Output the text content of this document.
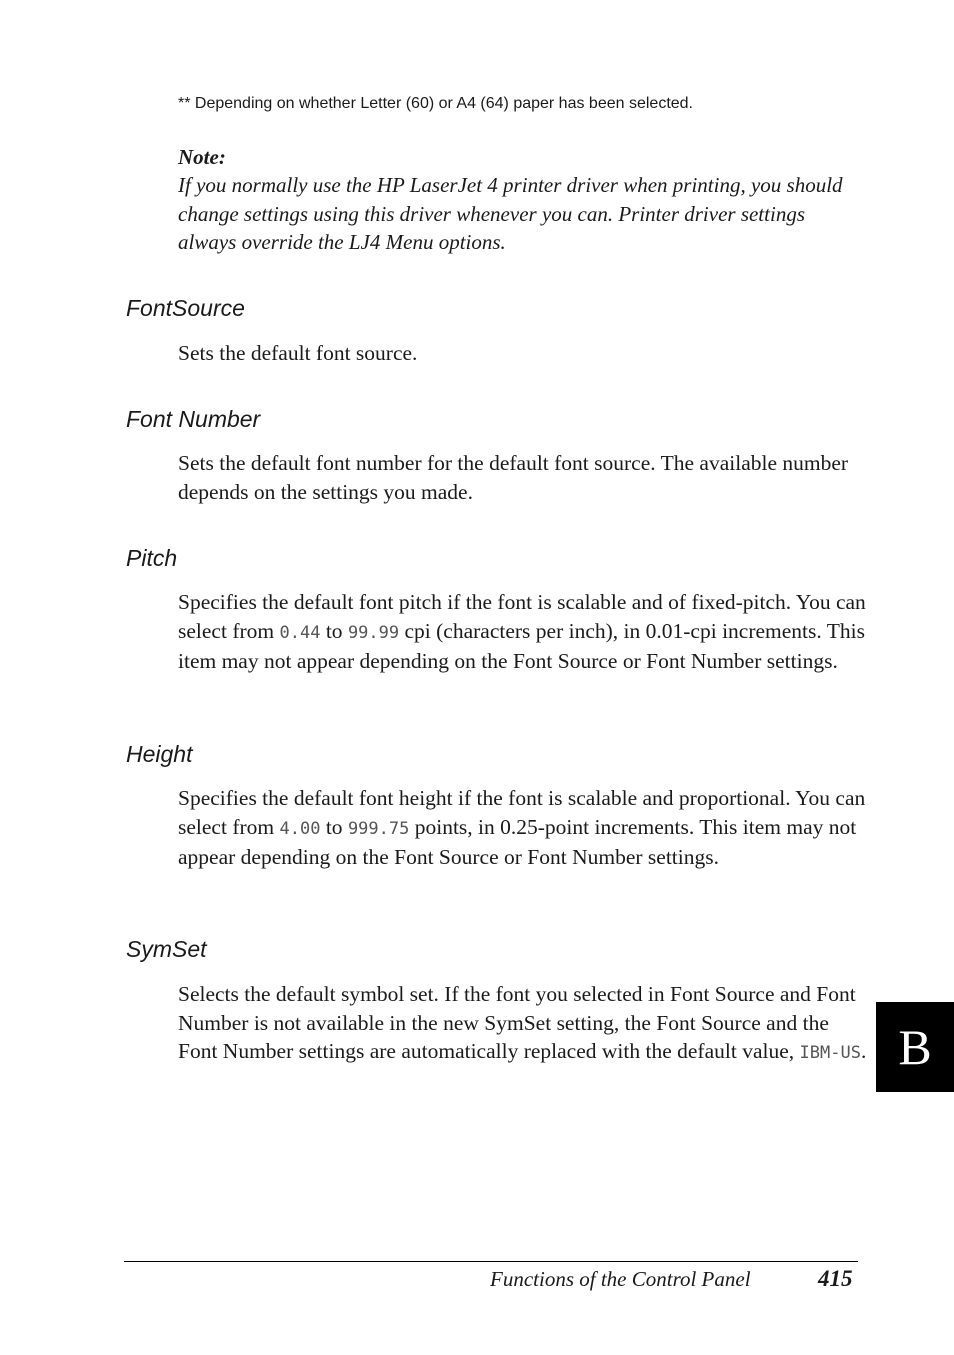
** Depending on whether Letter (60) or A4 (64) paper has been selected.
Note:
If you normally use the HP LaserJet 4 printer driver when printing, you should change settings using this driver whenever you can. Printer driver settings always override the LJ4 Menu options.
FontSource
Sets the default font source.
Font Number
Sets the default font number for the default font source. The available number depends on the settings you made.
Pitch
Specifies the default font pitch if the font is scalable and of fixed-pitch. You can select from 0.44 to 99.99 cpi (characters per inch), in 0.01-cpi increments. This item may not appear depending on the Font Source or Font Number settings.
Height
Specifies the default font height if the font is scalable and proportional. You can select from 4.00 to 999.75 points, in 0.25-point increments. This item may not appear depending on the Font Source or Font Number settings.
SymSet
Selects the default symbol set. If the font you selected in Font Source and Font Number is not available in the new SymSet setting, the Font Source and the Font Number settings are automatically replaced with the default value, IBM-US. B
Functions of the Control Panel	415
